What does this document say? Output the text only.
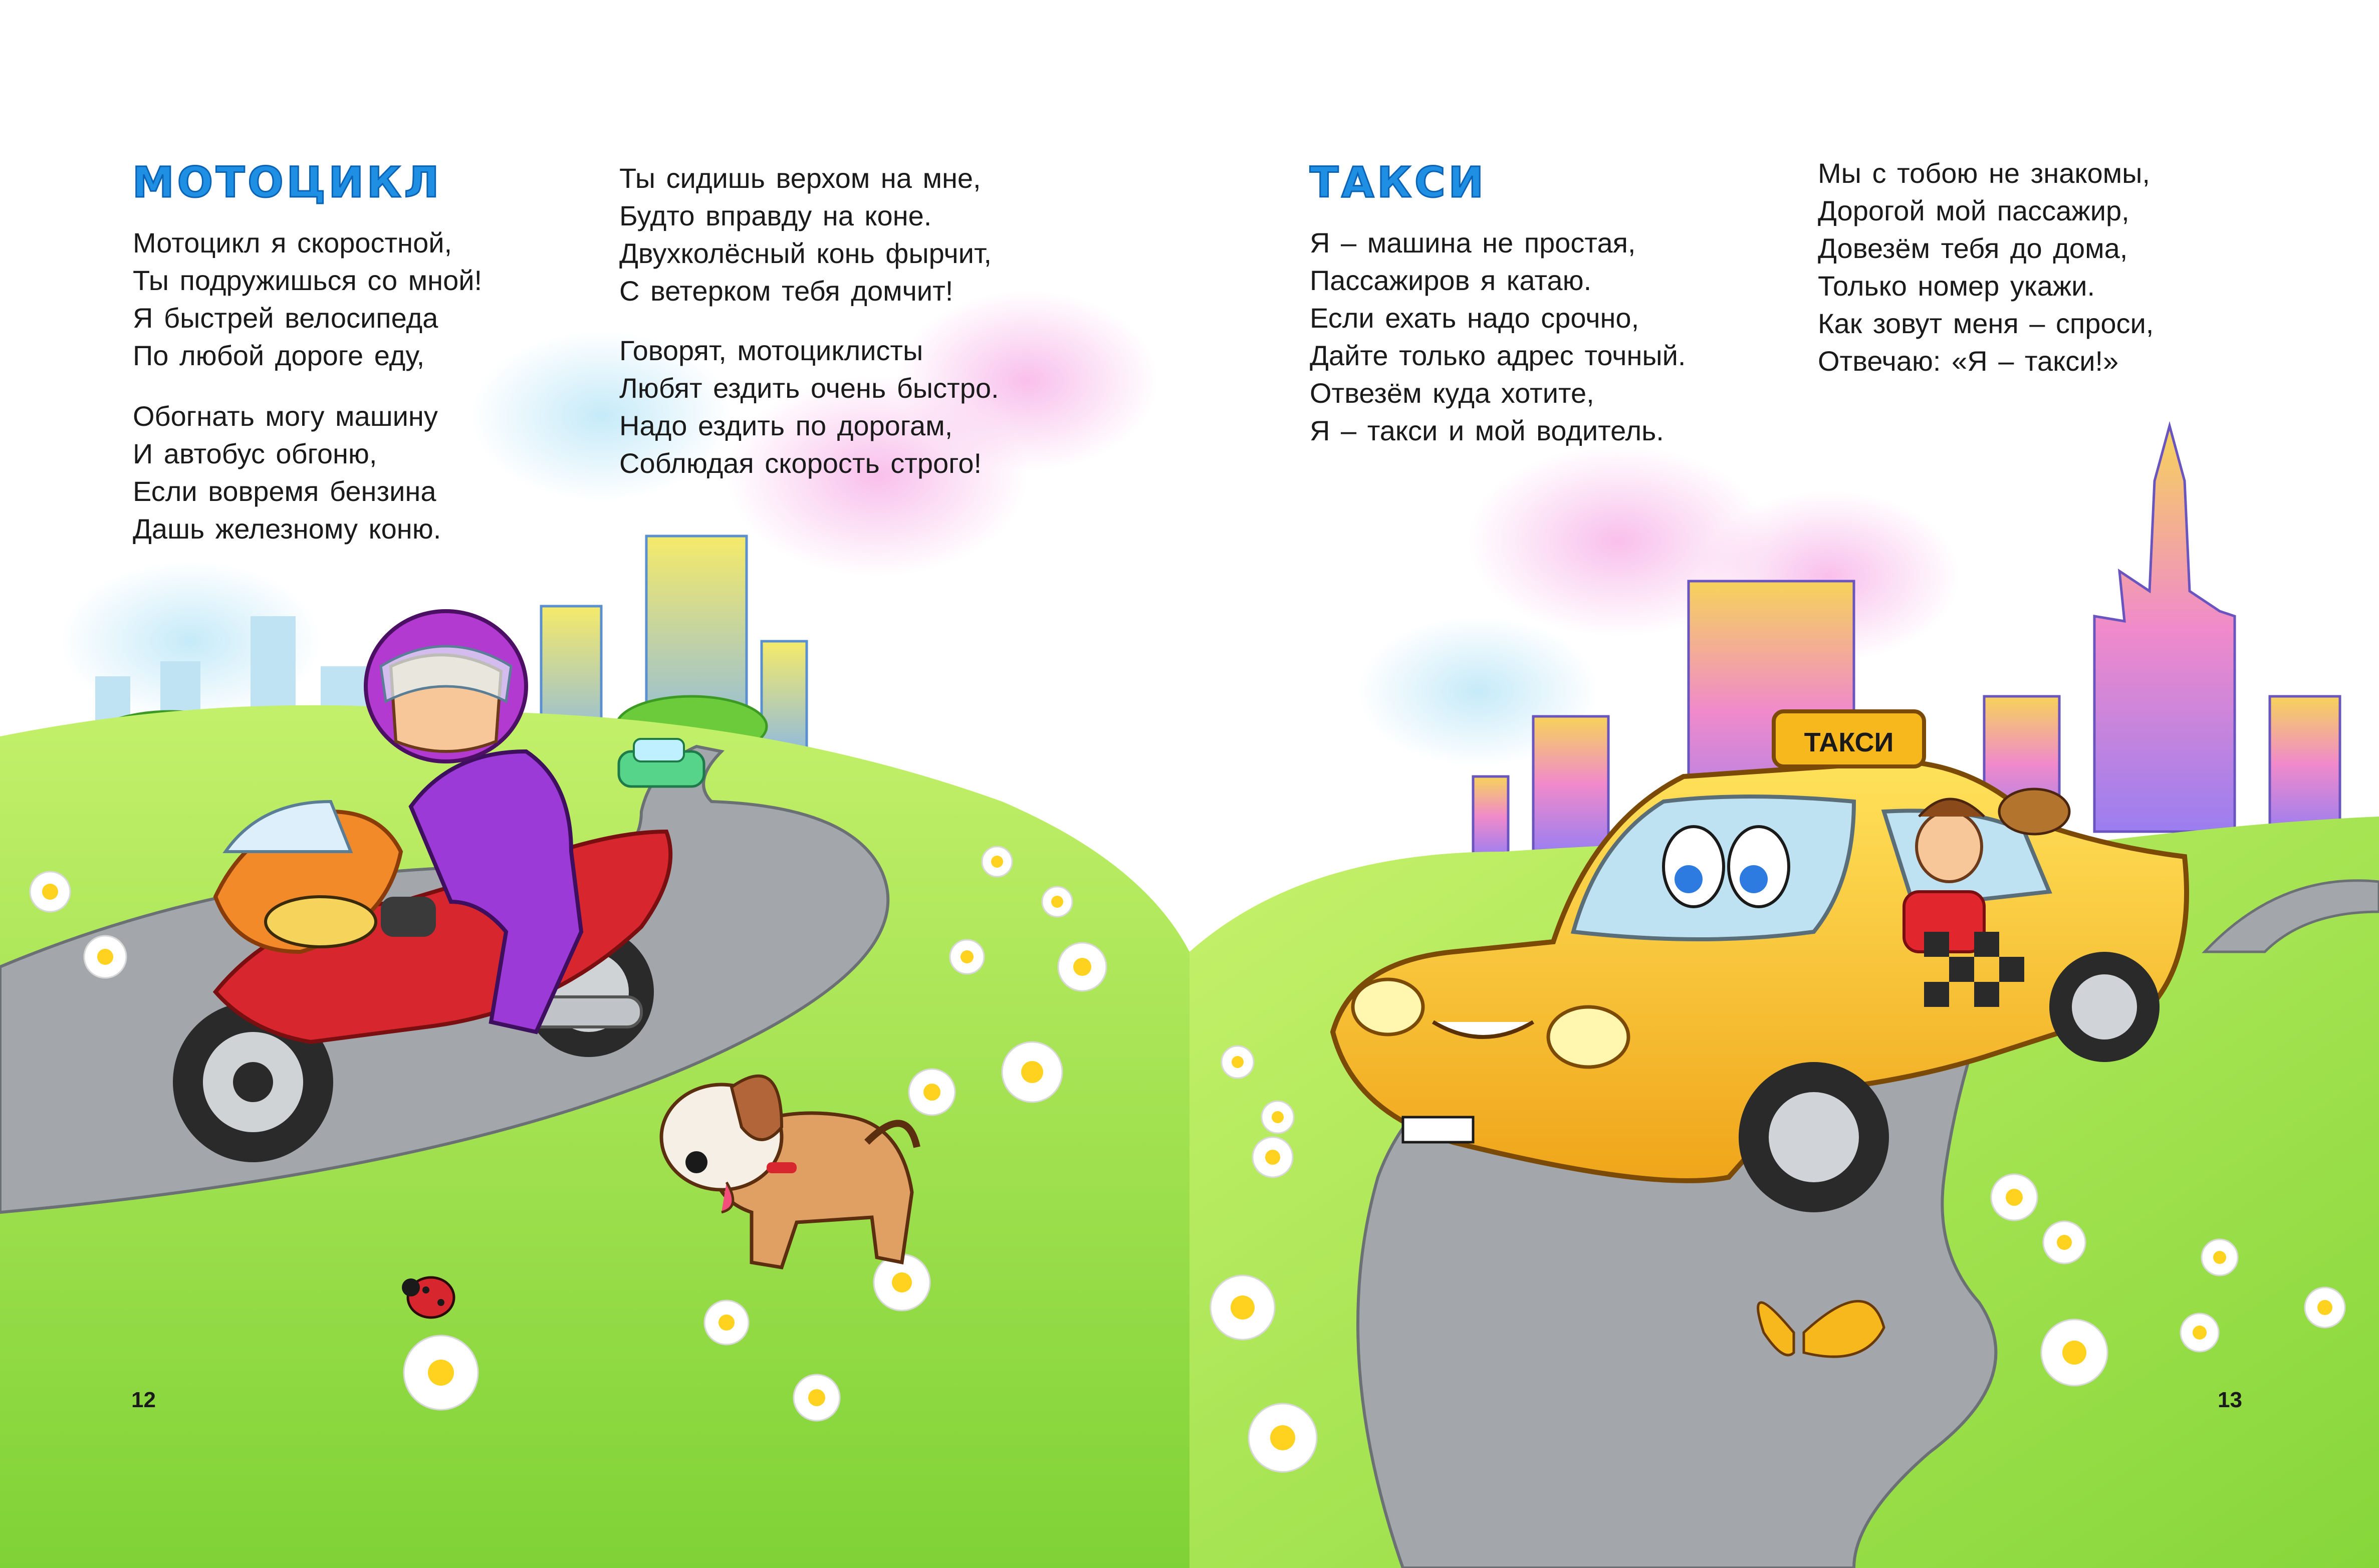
ТАКСИ
МОТОЦИКЛ
Мотоцикл я скоростной,
Ты подружишься со мной!
Я быстрей велосипеда
По любой дороге еду,
Обогнать могу машину
И автобус обгоню,
Если вовремя бензина
Дашь железному коню.
Ты сидишь верхом на мне,
Будто вправду на коне.
Двухколёсный конь фырчит,
С ветерком тебя домчит!
Говорят, мотоциклисты
Любят ездить очень быстро.
Надо ездить по дорогам,
Соблюдая скорость строго!
12
ТАКСИ
Я – машина не простая,
Пассажиров я катаю.
Если ехать надо срочно,
Дайте только адрес точный.
Отвезём куда хотите,
Я – такси и мой водитель.
Мы с тобою не знакомы,
Дорогой мой пассажир,
Довезём тебя до дома,
Только номер укажи.
Как зовут меня – спроси,
Отвечаю: «Я – такси!»
13
